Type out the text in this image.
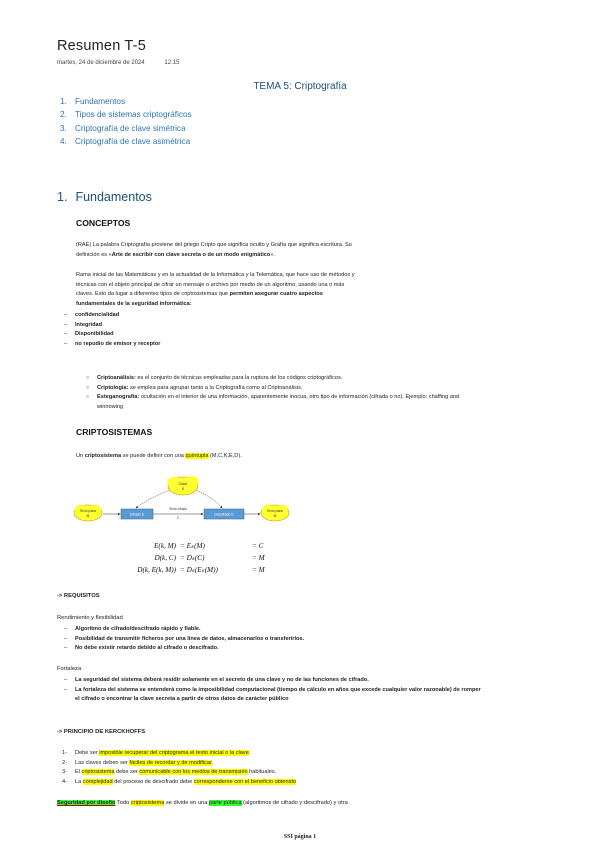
Resumen T-5
martes, 24 de diciembre de 2024	12:15
TEMA 5: Criptografía
1. Fundamentos
2. Tipos de sistemas criptográficos
3. Criptografía de clave simétrica
4. Criptografía de clave asimétrica
1. Fundamentos
CONCEPTOS
(RAE) La palabra Criptografía proviene del griego Cripto que significa oculto y Grafía que significa escritura. Su
definición es «Arte de escribir con clave secreta o de un modo enigmático».
Rama inicial de las Matemáticas y en la actualidad de la Informática y la Telemática, que hace uso de métodos y
técnicas con el objeto principal de cifrar un mensaje o archivo por medio de un algoritmo, usando una o más
claves. Esto da lugar a diferentes tipos de criptosistemas que permiten asegurar cuatro aspectos
fundamentales de la seguridad informática:
– confidencialidad
– Integridad
– Disponibilidad
– no repudio de emisor y receptor
○ Criptoanálisis: es el conjunto de técnicas empleadas para la ruptura de los códigos criptográficos.
○ Criptología: se emplea para agrupar tanto a la Criptografía como al Criptoanálisis.
○ Esteganografía: ocultación en el interior de una información, aparentemente inocua, otro tipo de información (cifrada o no). Ejemplo: chaffing and winnowing
CRIPTOSISTEMAS
Un criptosistema se puede definir con una quíntupla (M,C,K,E,D).
Clave
K
Texto plano
M	Cifrado E
Texto cifrado
C
Descifrado D
Texto plano
M
E(k, M) = Eₖ(M)	= C
D(k, C) = Dₖ(C)	= M
D(k, E(k, M)) = Dₖ(Eₖ(M))	= M
-> REQUISITOS
Rendimiento y flexibilidad
– Algoritmo de cifrado/descifrado rápido y fiable.
– Posibilidad de transmitir ficheros por una línea de datos, almacenarlos o transferirlos.
– No debe existir retardo debido al cifrado o descifrado.
Fortaleza
– La seguridad del sistema deberá residir solamente en el secreto de una clave y no de las funciones de cifrado.
– La fortaleza del sistema se entenderá como la imposibilidad computacional (tiempo de cálculo en años que excede cualquier valor razonable) de romper el cifrado o encontrar la clave secreta a partir de otros datos de carácter público
-> PRINCIPIO DE KERCKHOFFS
1- Debe ser imposible recuperar del criptograma el texto inicial o la clave.
2- Las claves deben ser fáciles de recordar y de modificar.
3- El criptosistema debe ser comunicable con los medios de transmisión habituales.
4- La complejidad del proceso de descifrado debe corresponderse con el beneficio obtenido
Seguridad por diseño Todo criptosistema se divide en una parte pública (algoritmos de cifrado y descifrado) y otra
SSI página 1
